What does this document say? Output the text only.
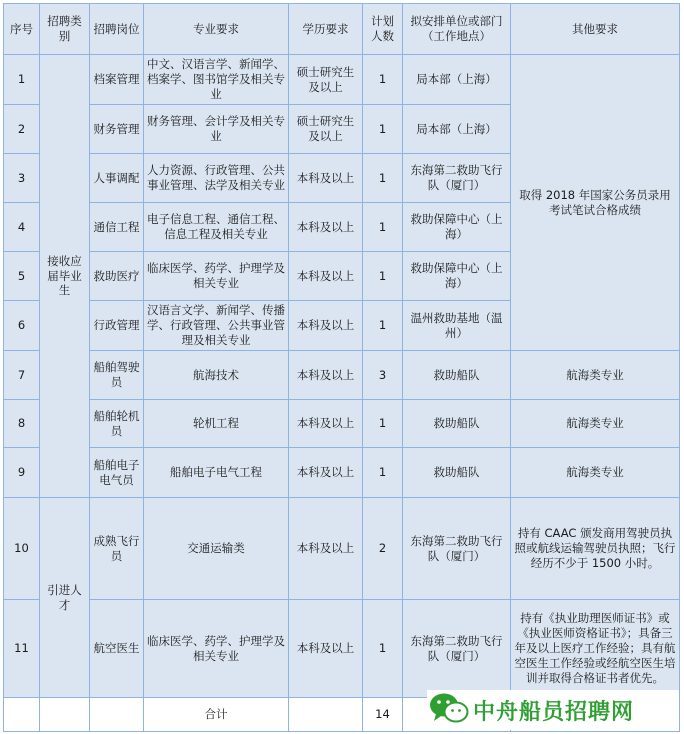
序号	招聘类别	招聘岗位	专业要求	学历要求	计划人数	拟安排单位或部门（工作地点）	其他要求
1	接收应届毕业生	档案管理	中文、汉语言学、新闻学、档案学、图书馆学及相关专业	硕士研究生及以上	1	局本部（上海）	取得 2018 年国家公务员录用考试笔试合格成绩
2		财务管理	财务管理、会计学及相关专业	硕士研究生及以上	1	局本部（上海）	
3		人事调配	人力资源、行政管理、公共事业管理、法学及相关专业	本科及以上	1	东海第二救助飞行队（厦门）	
4		通信工程	电子信息工程、通信工程、信息工程及相关专业	本科及以上	1	救助保障中心（上海）	
5		救助医疗	临床医学、药学、护理学及相关专业	本科及以上	1	救助保障中心（上海）	
6		行政管理	汉语言文学、新闻学、传播学、行政管理、公共事业管理及相关专业	本科及以上	1	温州救助基地（温州）	
7		船舶驾驶员	航海技术	本科及以上	3	救助船队	航海类专业
8		船舶轮机员	轮机工程	本科及以上	1	救助船队	航海类专业
9		船舶电子电气员	船舶电子电气工程	本科及以上	1	救助船队	航海类专业
10	引进人才	成熟飞行员	交通运输类	本科及以上	2	东海第二救助飞行队（厦门）	持有 CAAC 颁发商用驾驶员执照或航线运输驾驶员执照；飞行经历不少于 1500 小时。
11		航空医生	临床医学、药学、护理学及相关专业	本科及以上	1	东海第二救助飞行队（厦门）	持有《执业助理医师证书》或《执业医师资格证书》；具备三年及以上医疗工作经验；具有航空医生工作经验或经航空医生培训并取得合格证书者优先。
			合计		14			中舟船员招聘网
